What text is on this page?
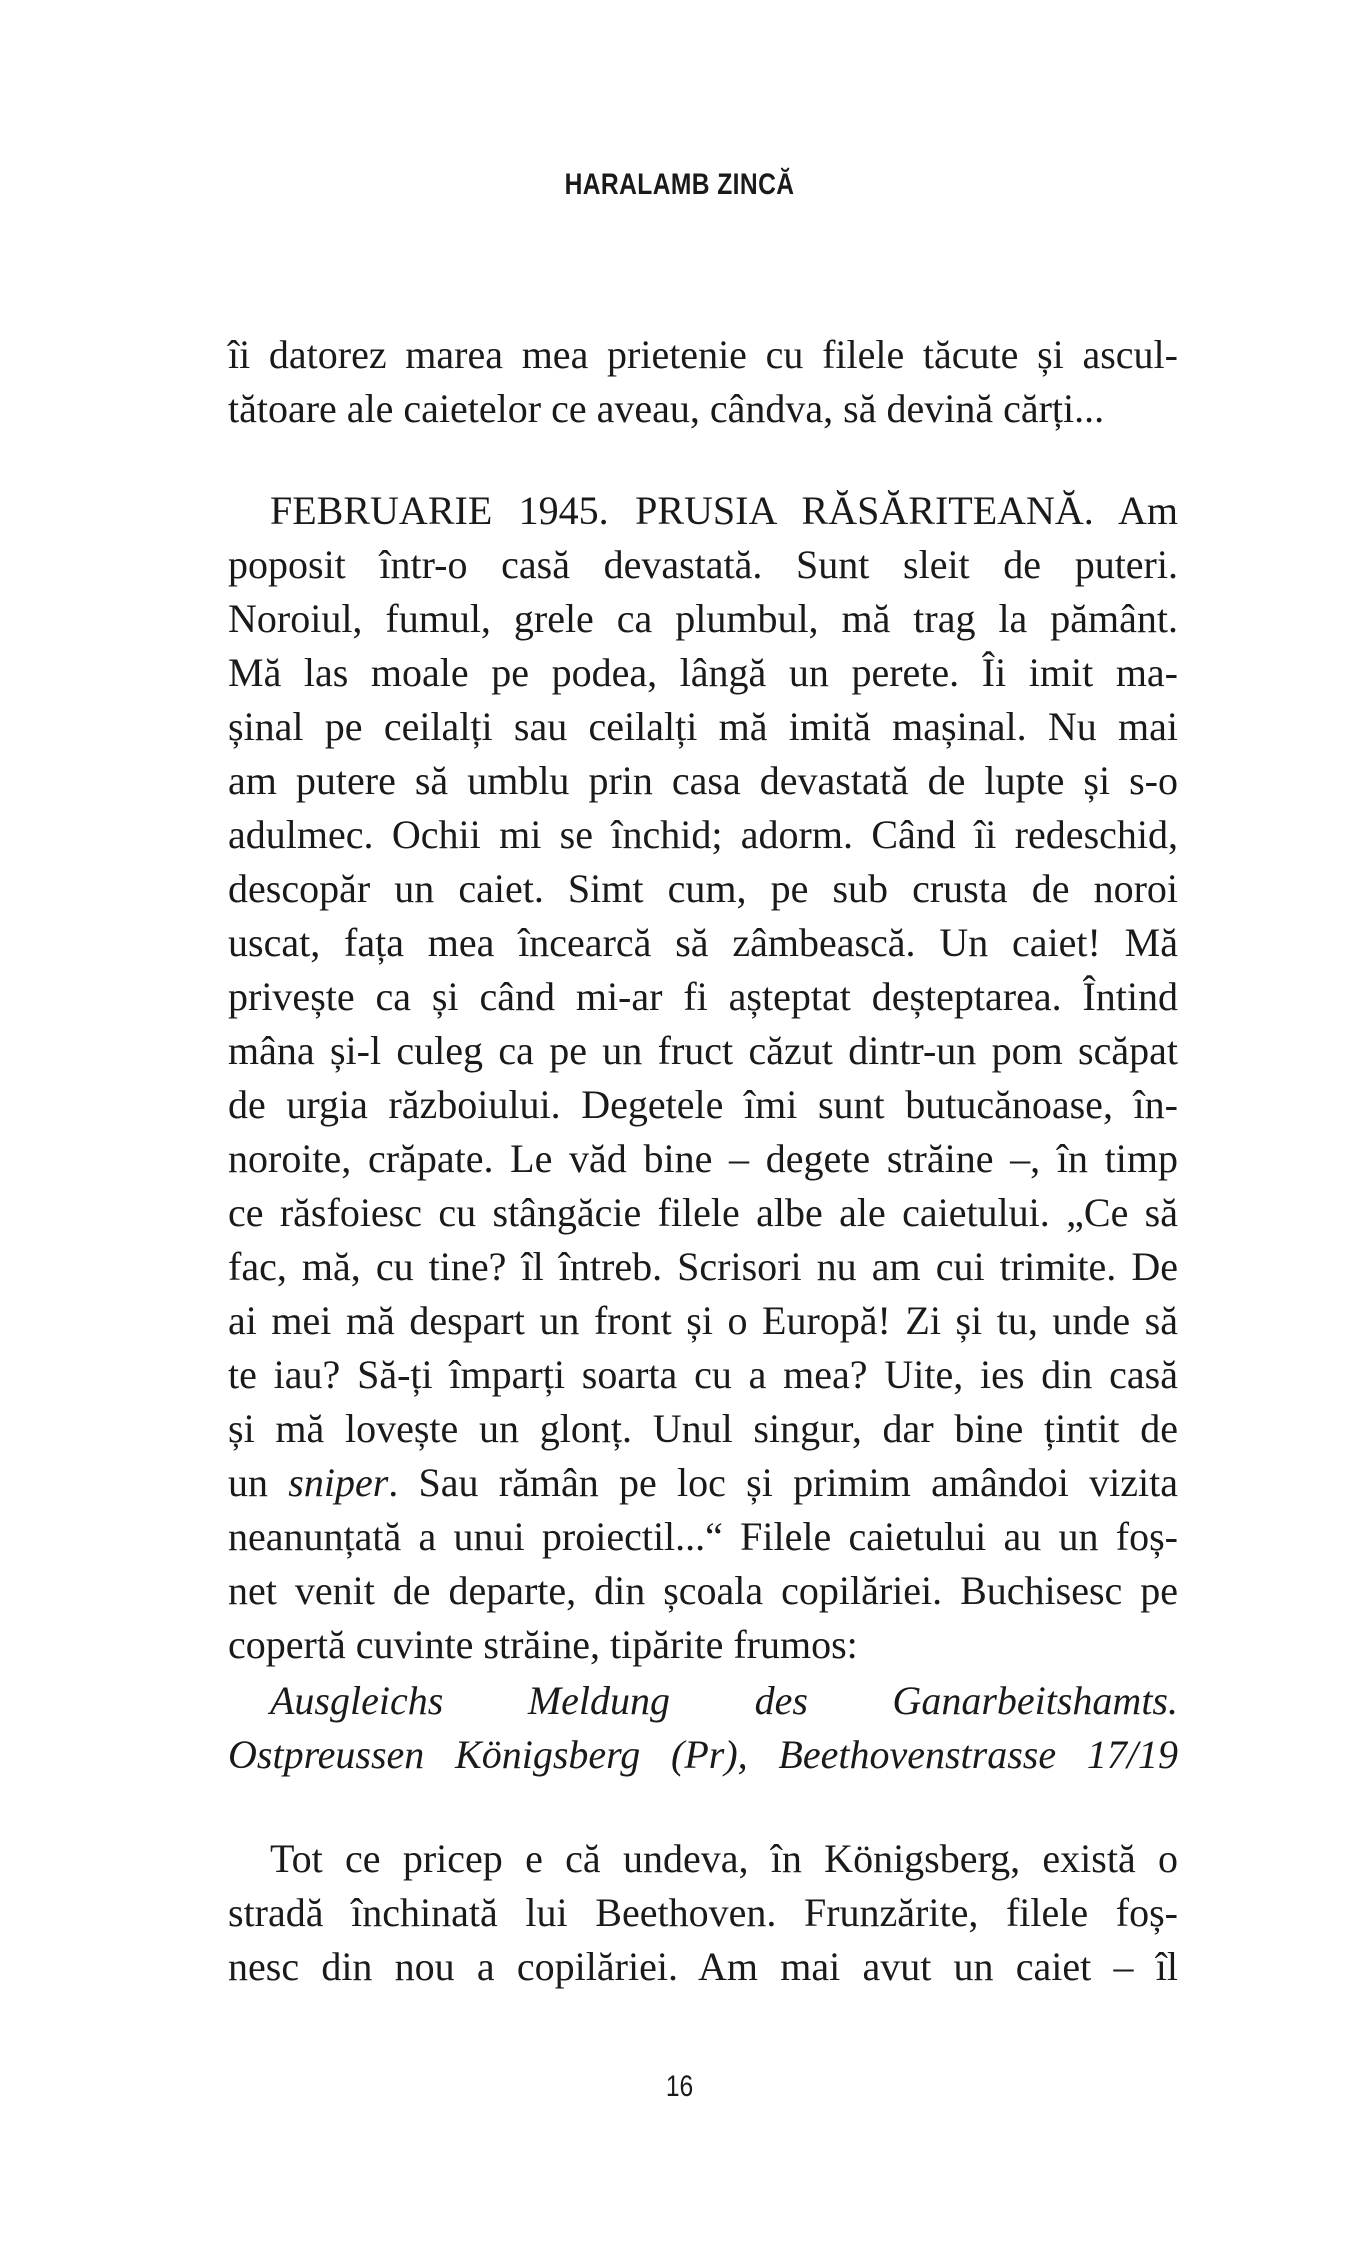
HARALAMB ZINCĂ
îi datorez marea mea prietenie cu filele tăcute și ascul-
tătoare ale caietelor ce aveau, cândva, să devină cărți...
FEBRUARIE 1945. PRUSIA RĂSĂRITEANĂ. Am
poposit într-o casă devastată. Sunt sleit de puteri.
Noroiul, fumul, grele ca plumbul, mă trag la pământ.
Mă las moale pe podea, lângă un perete. Îi imit ma-
șinal pe ceilalți sau ceilalți mă imită mașinal. Nu mai
am putere să umblu prin casa devastată de lupte și s-o
adulmec. Ochii mi se închid; adorm. Când îi redeschid,
descopăr un caiet. Simt cum, pe sub crusta de noroi
uscat, fața mea încearcă să zâmbească. Un caiet! Mă
privește ca și când mi-ar fi așteptat deșteptarea. Întind
mâna și-l culeg ca pe un fruct căzut dintr-un pom scăpat
de urgia războiului. Degetele îmi sunt butucănoase, în-
noroite, crăpate. Le văd bine – degete străine –, în timp
ce răsfoiesc cu stângăcie filele albe ale caietului. „Ce să
fac, mă, cu tine? îl întreb. Scrisori nu am cui trimite. De
ai mei mă despart un front și o Europă! Zi și tu, unde să
te iau? Să-ți împarți soarta cu a mea? Uite, ies din casă
și mă lovește un glonț. Unul singur, dar bine țintit de
un sniper. Sau rămân pe loc și primim amândoi vizita
neanunțată a unui proiectil...“ Filele caietului au un foș-
net venit de departe, din școala copilăriei. Buchisesc pe
copertă cuvinte străine, tipărite frumos:
Ausgleichs Meldung des Ganarbeitshamts.
Ostpreussen Königsberg (Pr), Beethovenstrasse 17/19
Tot ce pricep e că undeva, în Königsberg, există o
stradă închinată lui Beethoven. Frunzărite, filele foș-
nesc din nou a copilăriei. Am mai avut un caiet – îl
16
